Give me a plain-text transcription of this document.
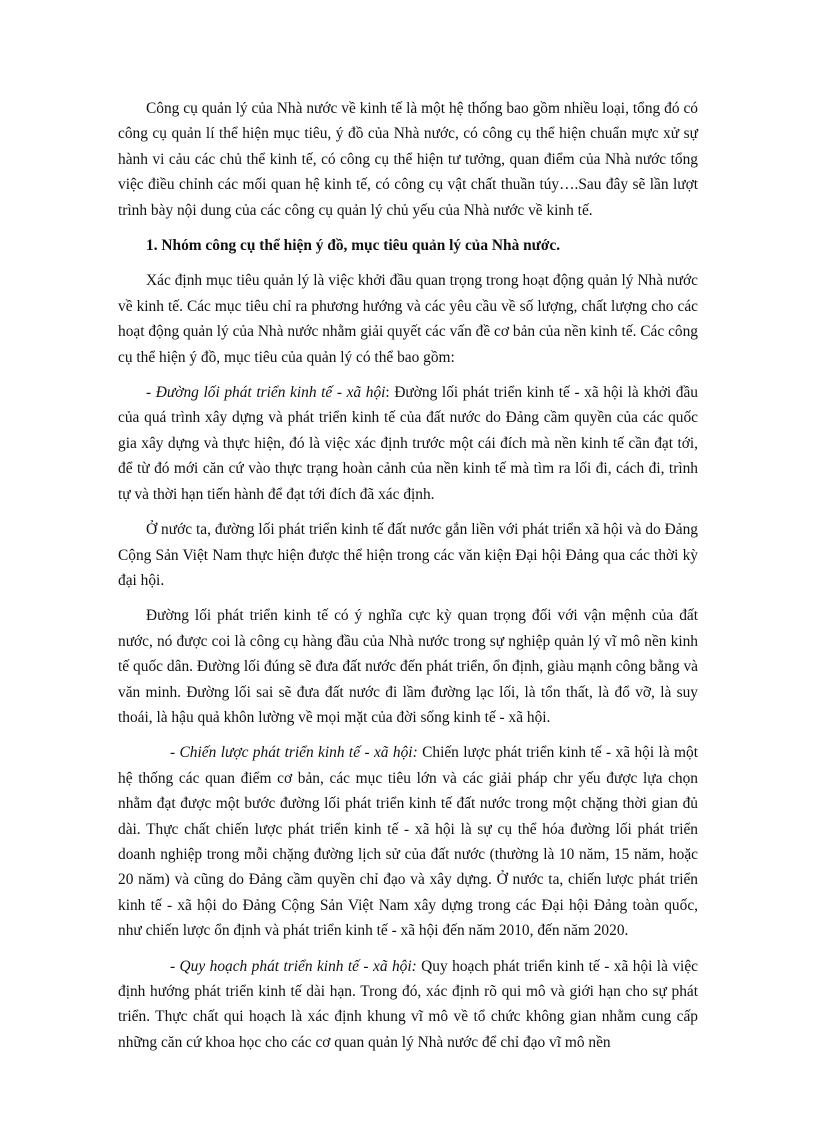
Công cụ quản lý của Nhà nước về kinh tế là một hệ thống bao gồm nhiều loại, tổng đó có công cụ quản lí thể hiện mục tiêu, ý đồ của Nhà nước, có công cụ thể hiện chuẩn mực xử sự hành vi cảu các chủ thể kinh tế, có công cụ thể hiện tư tưởng, quan điểm của Nhà nước tổng việc điều chỉnh các mối quan hệ kinh tế, có công cụ vật chất thuần túy….Sau đây sẽ lần lượt trình bày nội dung của các công cụ quản lý chủ yếu của Nhà nước về kinh tế.

1. Nhóm công cụ thể hiện ý đồ, mục tiêu quản lý của Nhà nước.

Xác định mục tiêu quản lý là việc khởi đầu quan trọng trong hoạt động quản lý Nhà nước về kinh tế. Các mục tiêu chỉ ra phương hướng và các yêu cầu về số lượng, chất lượng cho các hoạt động quản lý của Nhà nước nhằm giải quyết các vấn đề cơ bản của nền kinh tế. Các công cụ thể hiện ý đồ, mục tiêu của quản lý có thể bao gồm:

- Đường lối phát triển kinh tế - xã hội: Đường lối phát triển kinh tế - xã hội là khởi đầu của quá trình xây dựng và phát triển kinh tế của đất nước do Đảng cầm quyền của các quốc gia xây dựng và thực hiện, đó là việc xác định trước một cái đích mà nền kinh tế cần đạt tới, để từ đó mới căn cứ vào thực trạng hoàn cảnh của nền kinh tế mà tìm ra lối đi, cách đi, trình tự và thời hạn tiến hành để đạt tới đích đã xác định.

Ở nước ta, đường lối phát triển kinh tế đất nước gắn liền với phát triển xã hội và do Đảng Cộng Sản Việt Nam thực hiện được thể hiện trong các văn kiện Đại hội Đảng qua các thời kỳ đại hội.

Đường lối phát triển kinh tế có ý nghĩa cực kỳ quan trọng đối với vận mệnh của đất nước, nó được coi là công cụ hàng đầu của Nhà nước trong sự nghiệp quản lý vĩ mô nền kinh tế quốc dân. Đường lối đúng sẽ đưa đất nước đến phát triển, ổn định, giàu mạnh công bằng và văn minh. Đường lối sai sẽ đưa đất nước đi lầm đường lạc lối, là tổn thất, là đổ vỡ, là suy thoái, là hậu quả khôn lường về mọi mặt của đời sống kinh tế - xã hội.

- Chiến lược phát triển kinh tế - xã hội: Chiến lược phát triển kinh tế - xã hội là một hệ thống các quan điểm cơ bản, các mục tiêu lớn và các giải pháp chr yếu được lựa chọn nhằm đạt được một bước đường lối phát triển kinh tế đất nước trong một chặng thời gian đủ dài. Thực chất chiến lược phát triển kinh tế - xã hội là sự cụ thể hóa đường lối phát triển doanh nghiệp trong mỗi chặng đường lịch sử của đất nước (thường là 10 năm, 15 năm, hoặc 20 năm) và cũng do Đảng cầm quyền chỉ đạo và xây dựng. Ở nước ta, chiến lược phát triển kinh tế - xã hội do Đảng Cộng Sản Việt Nam xây dựng trong các Đại hội Đảng toàn quốc, như chiến lược ổn định và phát triển kinh tế - xã hội đến năm 2010, đến năm 2020.

- Quy hoạch phát triển kinh tế - xã hội: Quy hoạch phát triển kinh tế - xã hội là việc định hướng phát triển kinh tế dài hạn. Trong đó, xác định rõ qui mô và giới hạn cho sự phát triển. Thực chất qui hoạch là xác định khung vĩ mô về tổ chức không gian nhằm cung cấp những căn cứ khoa học cho các cơ quan quản lý Nhà nước để chỉ đạo vĩ mô nền
